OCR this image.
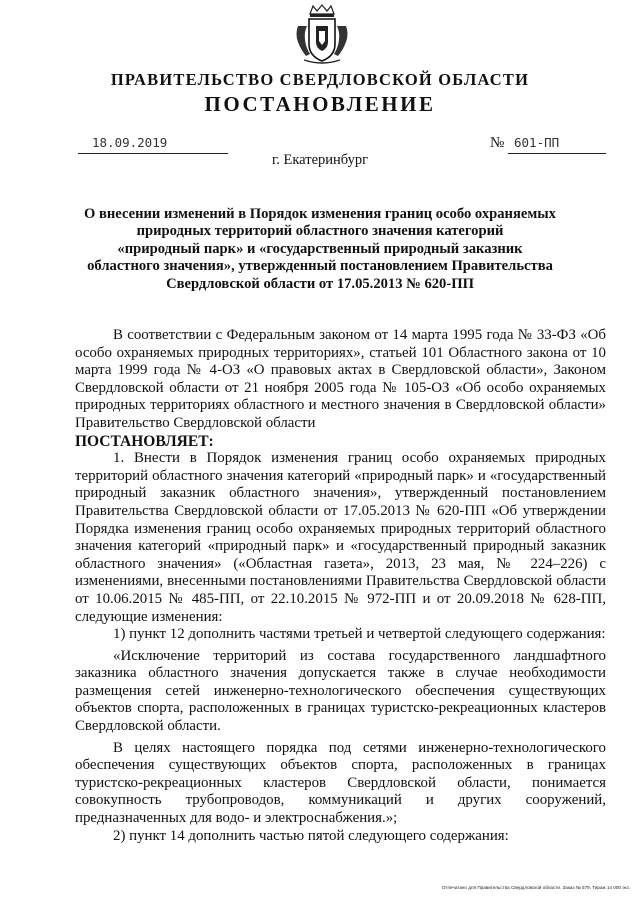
ПРАВИТЕЛЬСТВО СВЕРДЛОВСКОЙ ОБЛАСТИ
ПОСТАНОВЛЕНИЕ
18.09.2019	№ 601-ПП
г. Екатеринбург
О внесении изменений в Порядок изменения границ особо охраняемых
природных территорий областного значения категорий
«природный парк» и «государственный природный заказник
областного значения», утвержденный постановлением Правительства
Свердловской области от 17.05.2013 № 620-ПП

В соответствии с Федеральным законом от 14 марта 1995 года № 33-ФЗ «Об особо охраняемых природных территориях», статьей 101 Областного закона от 10 марта 1999 года № 4-ОЗ «О правовых актах в Свердловской области», Законом Свердловской области от 21 ноября 2005 года № 105-ОЗ «Об особо охраняемых природных территориях областного и местного значения в Свердловской области» Правительство Свердловской области

ПОСТАНОВЛЯЕТ:

1. Внести в Порядок изменения границ особо охраняемых природных территорий областного значения категорий «природный парк» и «государственный природный заказник областного значения», утвержденный постановлением Правительства Свердловской области от 17.05.2013 № 620-ПП «Об утверждении Порядка изменения границ особо охраняемых природных территорий областного значения категорий «природный парк» и «государственный природный заказник областного значения» («Областная газета», 2013, 23 мая, № 224–226) с изменениями, внесенными постановлениями Правительства Свердловской области от 10.06.2015 № 485-ПП, от 22.10.2015 № 972-ПП и от 20.09.2018 № 628-ПП, следующие изменения:

1) пункт 12 дополнить частями третьей и четвертой следующего содержания:

«Исключение территорий из состава государственного ландшафтного заказника областного значения допускается также в случае необходимости размещения сетей инженерно-технологического обеспечения существующих объектов спорта, расположенных в границах туристско-рекреационных кластеров Свердловской области.

В целях настоящего порядка под сетями инженерно-технологического обеспечения существующих объектов спорта, расположенных в границах туристско-рекреационных кластеров Свердловской области, понимается совокупность трубопроводов, коммуникаций и других сооружений, предназначенных для водо- и электроснабжения.»;

2) пункт 14 дополнить частью пятой следующего содержания:

Отпечатано для Правительства Свердловской области. Заказ № 579. Тираж 14 000 экз.
